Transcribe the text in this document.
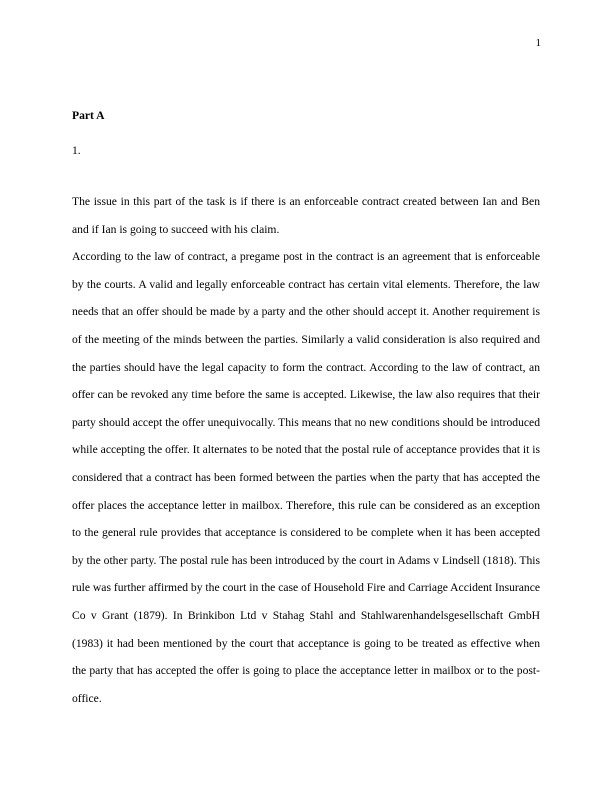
1

Part A

1.

The issue in this part of the task is if there is an enforceable contract created between Ian and Ben and if Ian is going to succeed with his claim.

According to the law of contract, a pregame post in the contract is an agreement that is enforceable by the courts. A valid and legally enforceable contract has certain vital elements. Therefore, the law needs that an offer should be made by a party and the other should accept it. Another requirement is of the meeting of the minds between the parties. Similarly a valid consideration is also required and the parties should have the legal capacity to form the contract. According to the law of contract, an offer can be revoked any time before the same is accepted. Likewise, the law also requires that their party should accept the offer unequivocally. This means that no new conditions should be introduced while accepting the offer. It alternates to be noted that the postal rule of acceptance provides that it is considered that a contract has been formed between the parties when the party that has accepted the offer places the acceptance letter in mailbox. Therefore, this rule can be considered as an exception to the general rule provides that acceptance is considered to be complete when it has been accepted by the other party. The postal rule has been introduced by the court in Adams v Lindsell (1818). This rule was further affirmed by the court in the case of Household Fire and Carriage Accident Insurance Co v Grant (1879). In Brinkibon Ltd v Stahag Stahl and Stahlwarenhandelsgesellschaft GmbH (1983) it had been mentioned by the court that acceptance is going to be treated as effective when the party that has accepted the offer is going to place the acceptance letter in mailbox or to the post-office.
